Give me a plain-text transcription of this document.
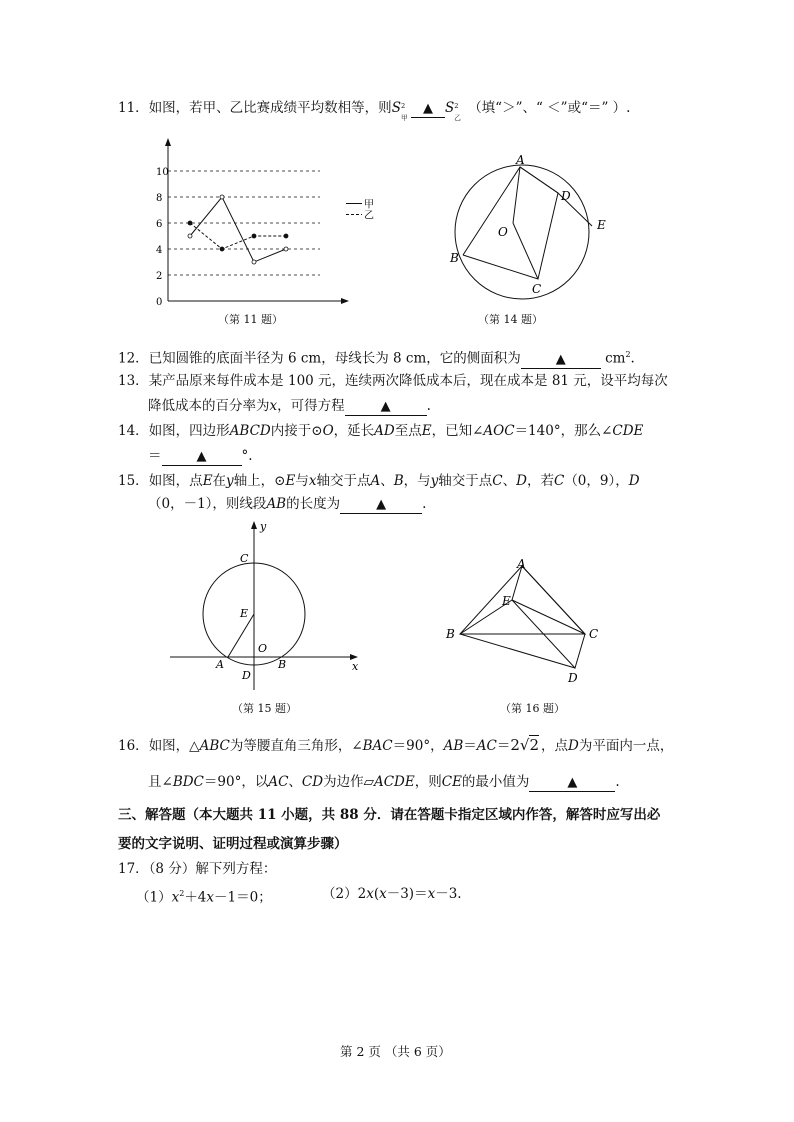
11．如图，若甲、乙比赛成绩平均数相等，则S 2
甲
▲ S 2
乙
（填“＞”、“ ＜”或“＝” ）.
0
2
4
6
8
10
甲
乙
（第 11 题）
A
D
E
O
B
C
（第 14 题）
12．已知圆锥的底面半径为 6 cm，母线长为 8 cm，它的侧面积为	▲	$cm^2$.
13．某产品原来每件成本是 100 元，连续两次降低成本后，现在成本是 81 元，设平均每次
降低成本的百分率为x，可得方程	▲	.
14．如图，四边形ABCD内接于⊙O，延长AD至点E，已知∠AOC＝140°，那么∠CDE
＝	▲	°.
15．如图，点E在y轴上，⊙E与x轴交于点A、B，与y轴交于点C、D，若C（0，9），D
（0，－1），则线段AB的长度为	▲	.
y
C
E
O
A	B
D
x
（第 15 题）
A
E
B	C
D
（第 16 题）
16．如图，△ABC为等腰直角三角形，∠BAC＝90°，AB＝AC＝2√2 ，点D为平面内一点，
且∠BDC＝90°，以AC、CD为边作▱ACDE，则CE的最小值为	▲	.
三、解答题（本大题共 11 小题，共 88 分．请在答题卡指定区域内作答，解答时应写出必
要的文字说明、证明过程或演算步骤）
17．（8 分）解下列方程：
$(1)x^2+4x-1=0$；	（2）2x(x－3)＝x－3.
第 2 页 （共 6 页）
